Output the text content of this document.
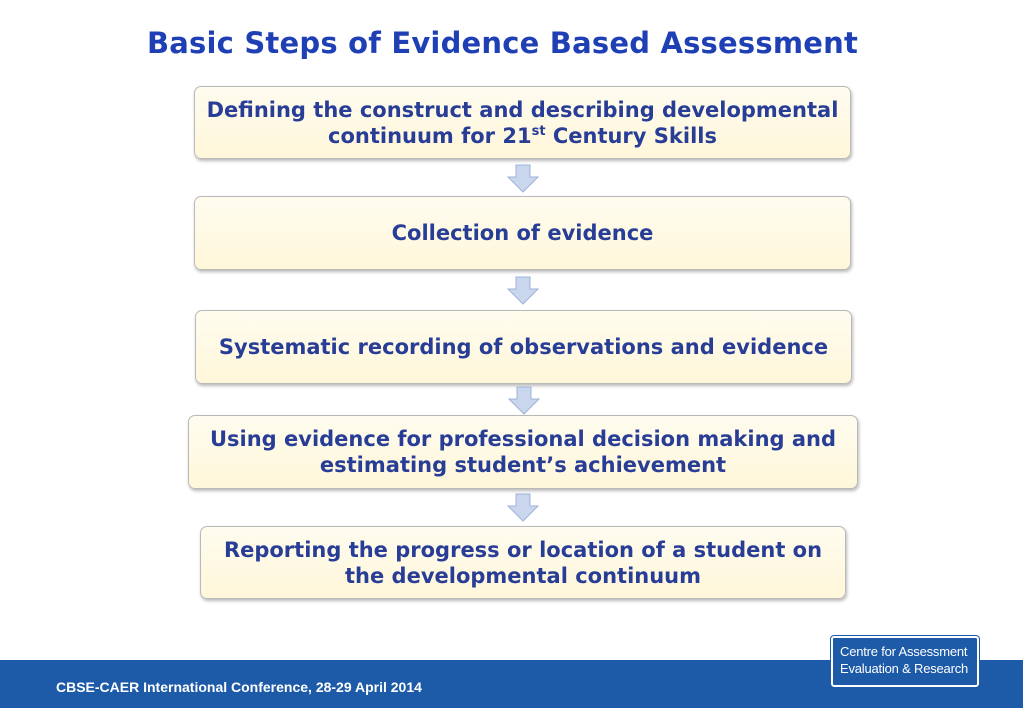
Basic Steps of Evidence Based Assessment
Defining the construct and describing developmental continuum for 21st Century Skills
Collection of evidence
Systematic recording of observations and evidence
Using evidence for professional decision making and estimating student’s achievement
Reporting the progress or location of a student on the developmental continuum
CBSE-CAER International Conference, 28-29 April 2014
Centre for Assessment
Evaluation & Research
